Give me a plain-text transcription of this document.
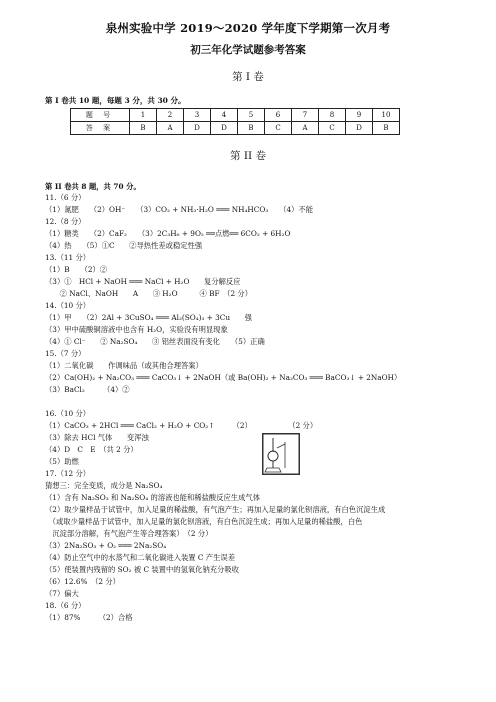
泉州实验中学 2019～2020 学年度下学期第一次月考
初三年化学试题参考答案
第 I 卷
第 I 卷共 10 题，每题 3 分，共 30 分。
题 号	1	2	3	4	5	6	7	8	9	10
答 案	B	A	D	D	B	C	A	C	D	B
第 II 卷
第 II 卷共 8 题，共 70 分。
11.（6 分）
（1）氮肥　　（2）OH⁻　　（3）CO₂ + NH₃·H₂O ═══ NH₄HCO₃　　（4）不能
12.（8 分）
（1）糖类　　（2）CaF₂　　（3）2C₃H₆ + 9O₂ ══点燃══ 6CO₂ + 6H₂O
（4）热　　（5）①C　　②导热性差或稳定性强
13.（11 分）
（1）B　　（2）②
（3）①　HCl + NaOH ═══ NaCl + H₂O　　复分解反应
　　② NaCl、NaOH　　A　　③ H₂O　　　④ BF　（2 分）
14.（10 分）
（1）甲　　（2）2Al + 3CuSO₄ ═══ Al₂(SO₄)₃ + 3Cu　　强
（3）甲中硫酸铜溶液中也含有 H₂O，实验没有明显现象
（4）① Cl⁻　　② Na₂SO₄　　③ 铝丝表面没有变化　　（5）正确
15.（7 分）
（1）二氧化碳　　作调味品（或其他合理答案）
（2）Ca(OH)₂ + Na₂CO₃ ═══ CaCO₃↓ + 2NaOH（或 Ba(OH)₂ + Na₂CO₃ ═══ BaCO₃↓ + 2NaOH）
（3）BaCl₂　　　（4）②
16.（10 分）
（1）CaCO₃ + 2HCl ═══ CaCl₂ + H₂O + CO₂↑　　　（2）　　　　　　（2 分）
（3）除去 HCl 气体　　变浑浊
（4）D　C　E　（共 2 分）
（5）助燃
17.（12 分）
猜想三：完全变质，成分是 Na₂SO₄
（1）含有 Na₂SO₃ 和 Na₂SO₄ 的溶液也能和稀盐酸反应生成气体
（2）取少量样品于试管中，加入足量的稀盐酸，有气泡产生；再加入足量的氯化钡溶液，有白色沉淀生成
　（或取少量样品于试管中，加入足量的氯化钡溶液，有白色沉淀生成；再加入足量的稀盐酸，白色
　沉淀部分溶解，有气泡产生等合理答案）　（2 分）
（3）2Na₂SO₃ + O₂ ═══ 2Na₂SO₄
（4）防止空气中的水蒸气和二氧化碳进入装置 C 产生误差
（5）使装置内残留的 SO₂ 被 C 装置中的氢氧化钠充分吸收
（6）12.6%　（2 分）
（7）偏大
18.（6 分）
（1）87%　　　（2）合格
